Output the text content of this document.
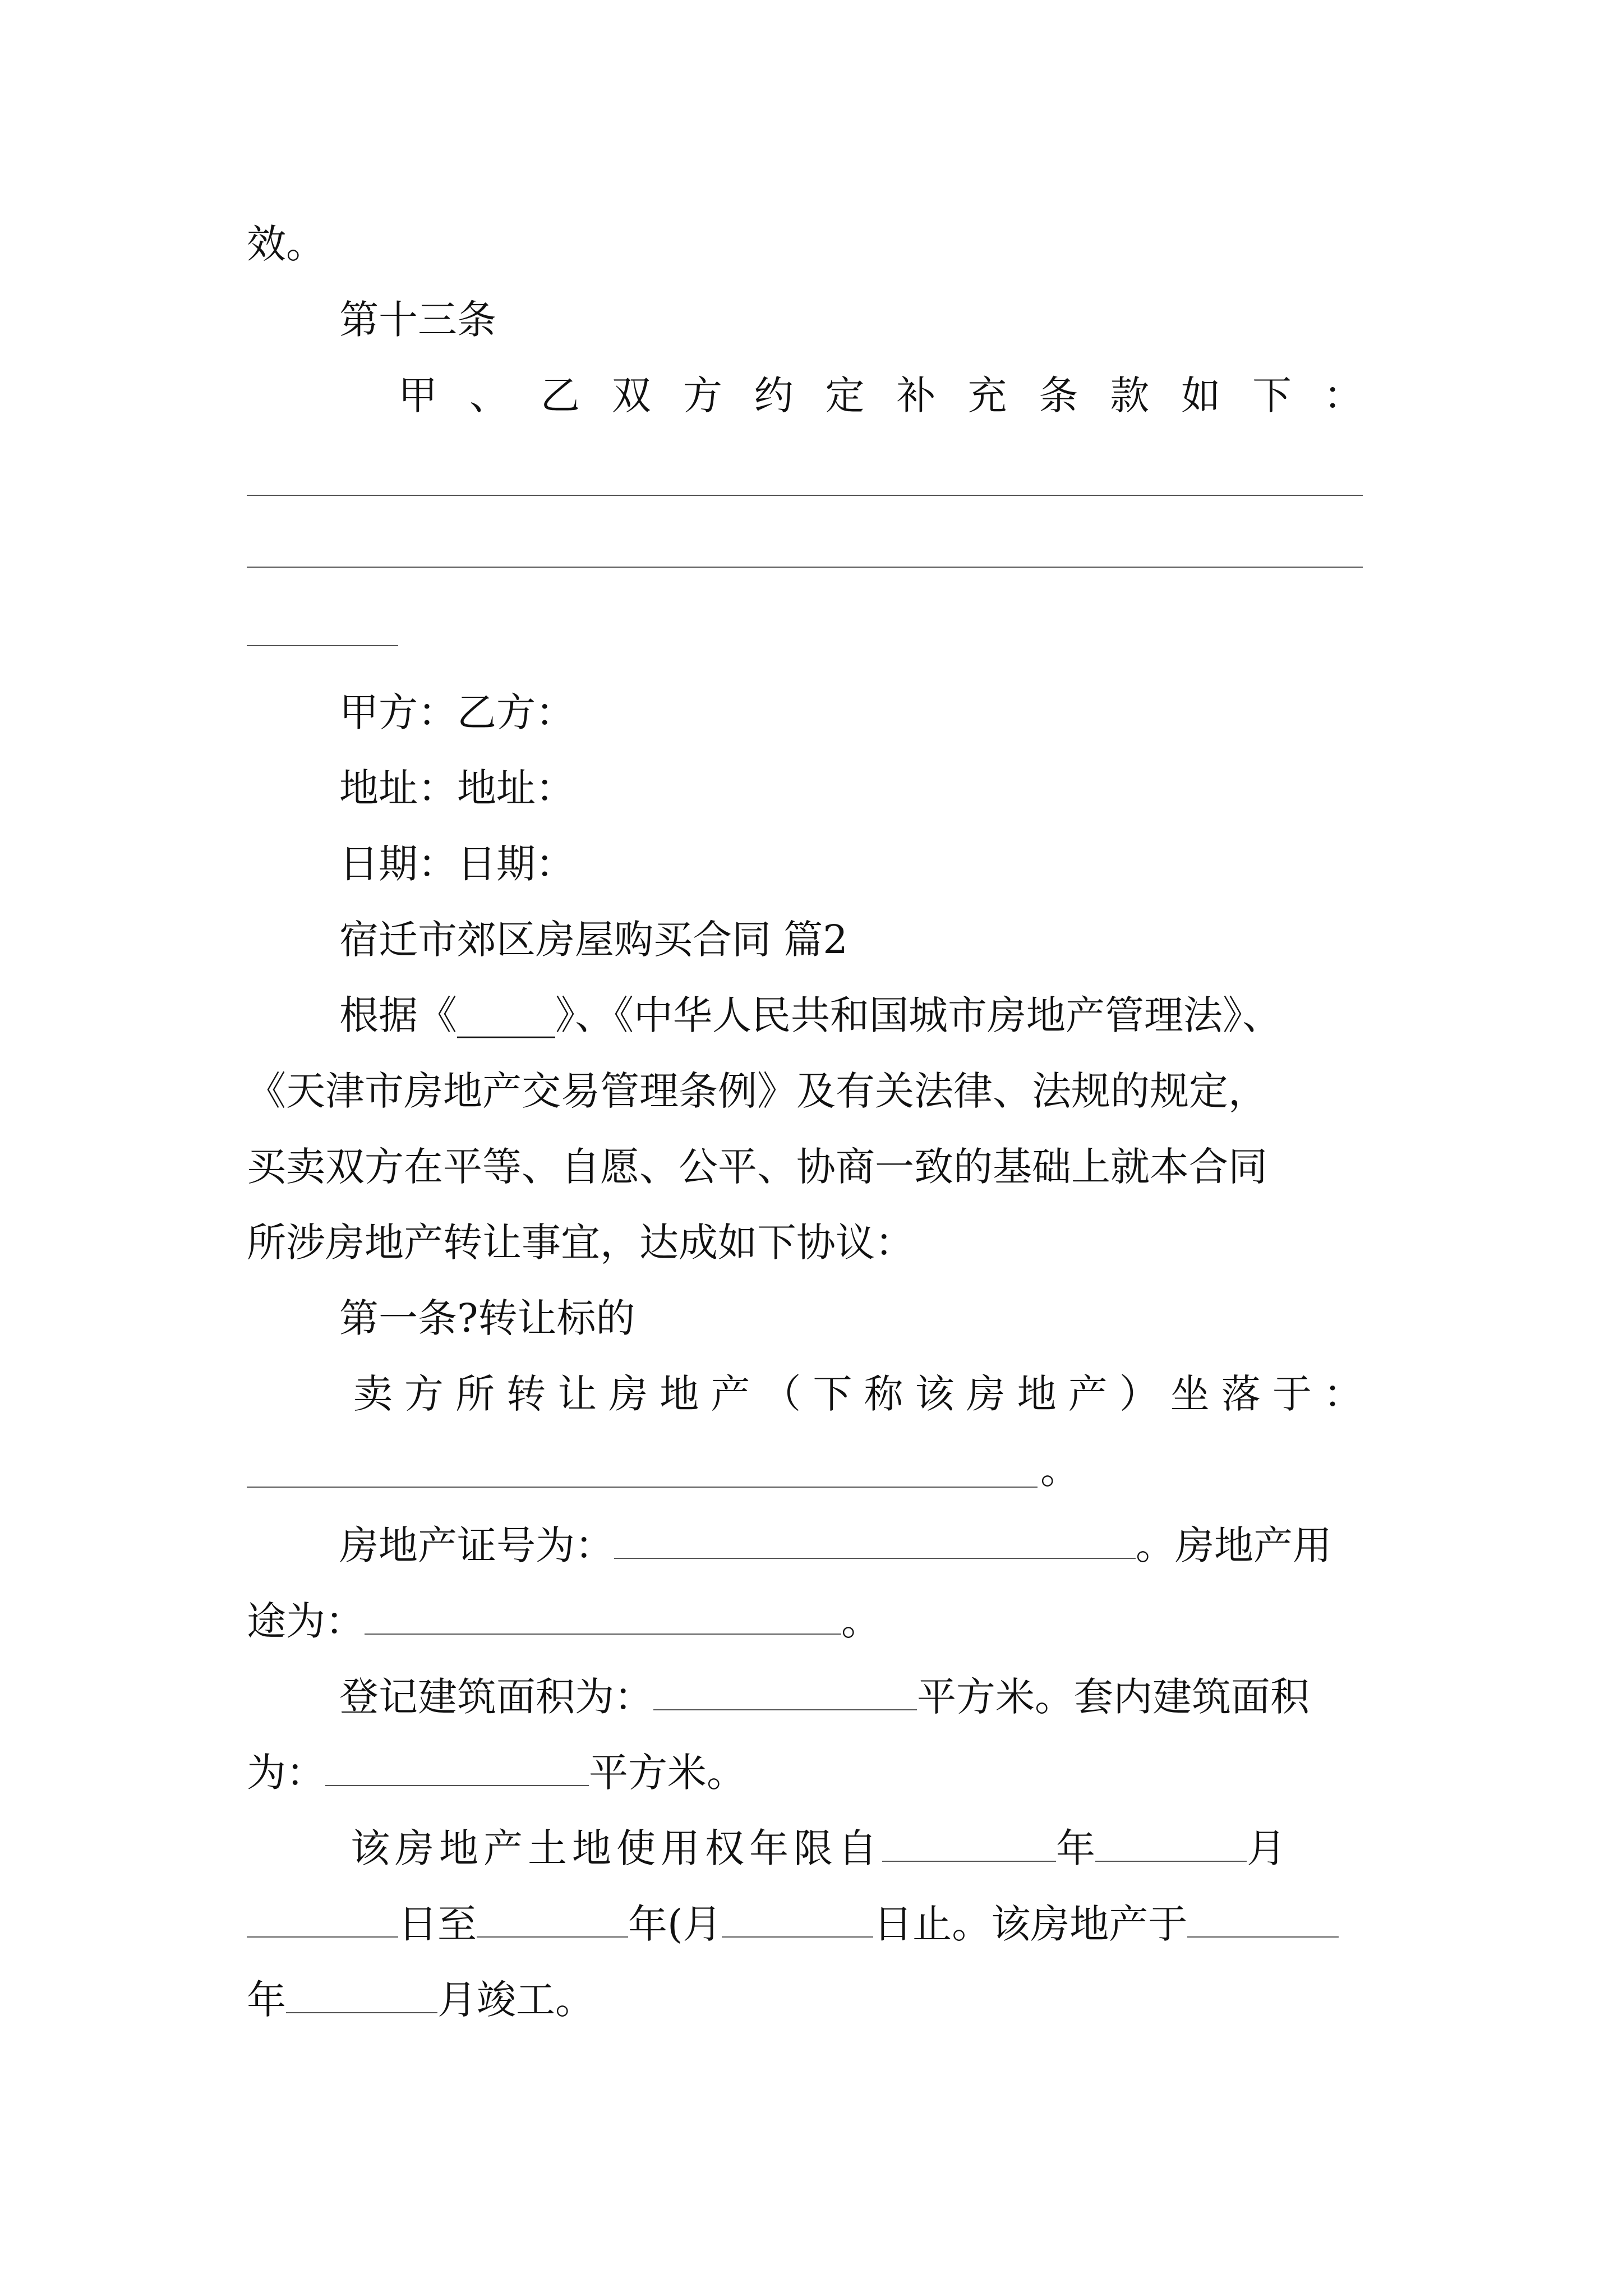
效。

第十三条

甲 、 乙 双 方 约 定 补 充 条 款 如 下 ：

甲方：乙方：

地址：地址：

日期：日期：

宿迁市郊区房屋购买合同 篇2

根据《_____》、《中华人民共和国城市房地产管理法》、

《天津市房地产交易管理条例》及有关法律、法规的规定，

买卖双方在平等、自愿、公平、协商一致的基础上就本合同

所涉房地产转让事宜，达成如下协议：

第一条?转让标的

卖 方 所 转 让 房 地 产 （ 下 称 该 房 地 产 ） 坐 落 于 ：

。

房地产证号为：	。房地产用

途为：	。

登记建筑面积为：	平方米。套内建筑面积

为：	平方米。

该房地产土地使用权年限自	年	月

日至	年(月	日止。该房地产于

年	月竣工。
